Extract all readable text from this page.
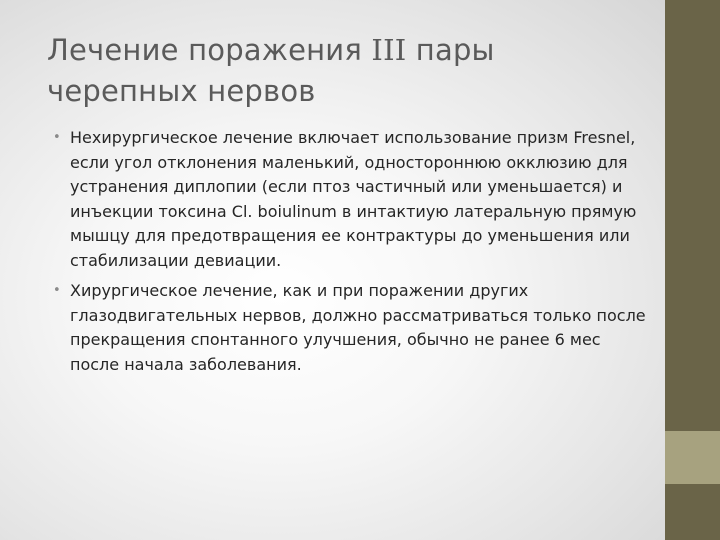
Лечение поражения III пары черепных нервов
• Нехирургическое лечение включает использование призм Fresnel, если угол отклонения маленький, одностороннюю окклюзию для устранения диплопии (если птоз частичный или уменьшается) и инъекции токсина Cl. boiulinum в интактиую латеральную прямую мышцу для предотвращения ее контрактуры до уменьшения или стабилизации девиации.
• Хирургическое лечение, как и при поражении других глазодвигательных нервов, должно рассматриваться только после прекращения спонтанного улучшения, обычно не ранее 6 мес после начала заболевания.
